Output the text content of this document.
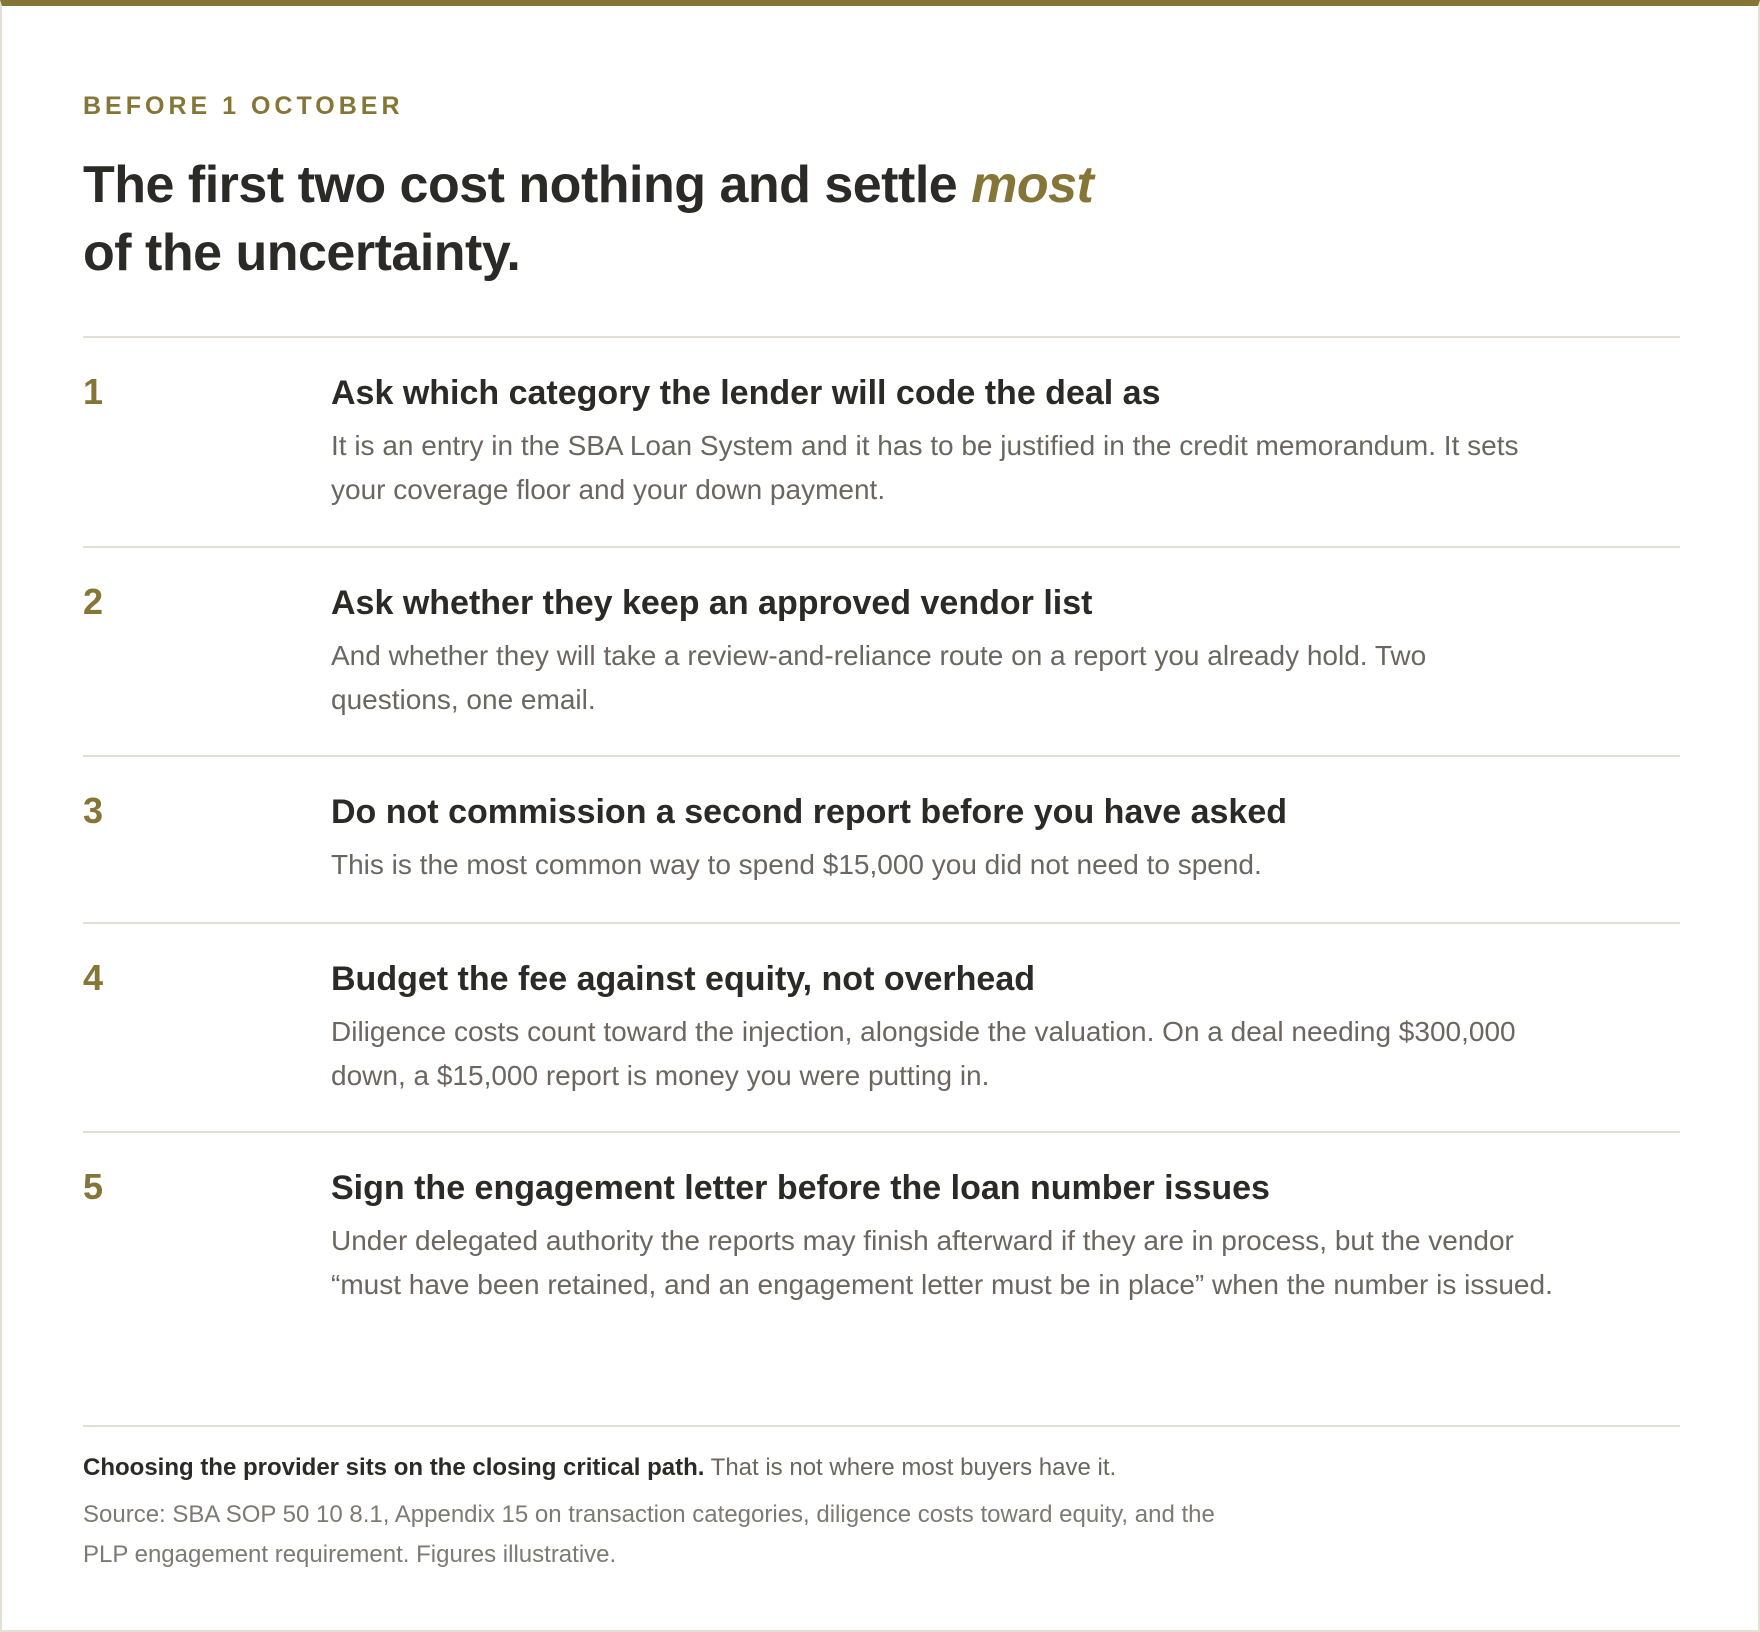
BEFORE 1 OCTOBER
The first two cost nothing and settle most
of the uncertainty.
1	Ask which category the lender will code the deal as

It is an entry in the SBA Loan System and it has to be justified in the credit memorandum. It sets your coverage floor and your down payment.

2	Ask whether they keep an approved vendor list

And whether they will take a review-and-reliance route on a report you already hold. Two questions, one email.

3	Do not commission a second report before you have asked

This is the most common way to spend $15,000 you did not need to spend.

4	Budget the fee against equity, not overhead

Diligence costs count toward the injection, alongside the valuation. On a deal needing $300,000 down, a $15,000 report is money you were putting in.

5	Sign the engagement letter before the loan number issues

Under delegated authority the reports may finish afterward if they are in process, but the vendor “must have been retained, and an engagement letter must be in place” when the number is issued.

Choosing the provider sits on the closing critical path. That is not where most buyers have it.

Source: SBA SOP 50 10 8.1, Appendix 15 on transaction categories, diligence costs toward equity, and the PLP engagement requirement. Figures illustrative.
